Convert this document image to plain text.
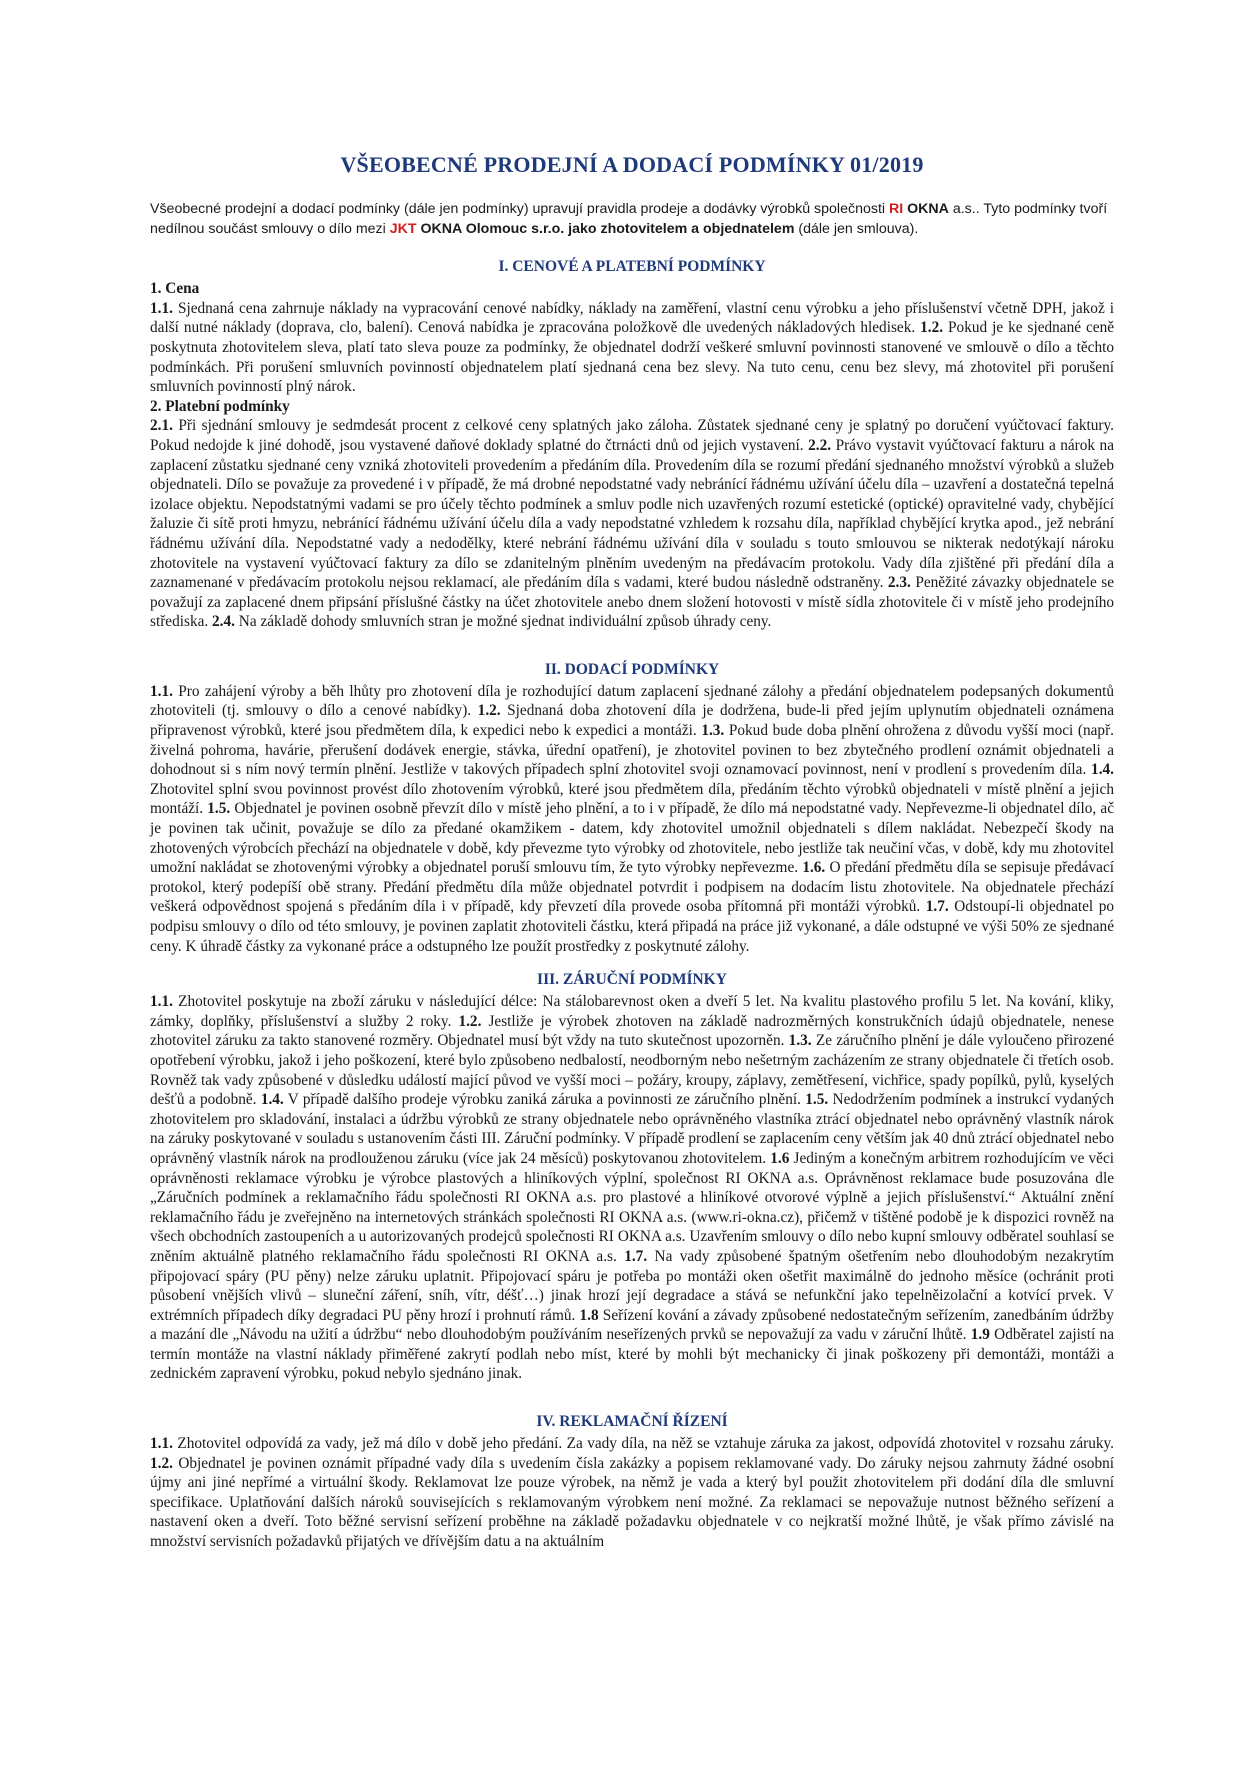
VŠEOBECNÉ PRODEJNÍ A DODACÍ PODMÍNKY 01/2019

Všeobecné prodejní a dodací podmínky (dále jen podmínky) upravují pravidla prodeje a dodávky výrobků společnosti RI OKNA a.s.. Tyto podmínky tvoří nedílnou součást smlouvy o dílo mezi JKT OKNA Olomouc s.r.o. jako zhotovitelem a objednatelem (dále jen smlouva).

I. CENOVÉ A PLATEBNÍ PODMÍNKY
1. Cena

1.1. Sjednaná cena zahrnuje náklady na vypracování cenové nabídky, náklady na zaměření, vlastní cenu výrobku a jeho příslušenství včetně DPH, jakož i další nutné náklady (doprava, clo, balení). Cenová nabídka je zpracována položkově dle uvedených nákladových hledisek. 1.2. Pokud je ke sjednané ceně poskytnuta zhotovitelem sleva, platí tato sleva pouze za podmínky, že objednatel dodrží veškeré smluvní povinnosti stanovené ve smlouvě o dílo a těchto podmínkách. Při porušení smluvních povinností objednatelem platí sjednaná cena bez slevy. Na tuto cenu, cenu bez slevy, má zhotovitel při porušení smluvních povinností plný nárok.

2. Platební podmínky

2.1. Při sjednání smlouvy je sedmdesát procent z celkové ceny splatných jako záloha. Zůstatek sjednané ceny je splatný po doručení vyúčtovací faktury. Pokud nedojde k jiné dohodě, jsou vystavené daňové doklady splatné do čtrnácti dnů od jejich vystavení. 2.2. Právo vystavit vyúčtovací fakturu a nárok na zaplacení zůstatku sjednané ceny vzniká zhotoviteli provedením a předáním díla. Provedením díla se rozumí předání sjednaného množství výrobků a služeb objednateli. Dílo se považuje za provedené i v případě, že má drobné nepodstatné vady nebránící řádnému užívání účelu díla – uzavření a dostatečná tepelná izolace objektu. Nepodstatnými vadami se pro účely těchto podmínek a smluv podle nich uzavřených rozumí estetické (optické) opravitelné vady, chybějící žaluzie či sítě proti hmyzu, nebránící řádnému užívání účelu díla a vady nepodstatné vzhledem k rozsahu díla, například chybějící krytka apod., jež nebrání řádnému užívání díla. Nepodstatné vady a nedodělky, které nebrání řádnému užívání díla v souladu s touto smlouvou se nikterak nedotýkají nároku zhotovitele na vystavení vyúčtovací faktury za dílo se zdanitelným plněním uvedeným na předávacím protokolu. Vady díla zjištěné při předání díla a zaznamenané v předávacím protokolu nejsou reklamací, ale předáním díla s vadami, které budou následně odstraněny. 2.3. Peněžité závazky objednatele se považují za zaplacené dnem připsání příslušné částky na účet zhotovitele anebo dnem složení hotovosti v místě sídla zhotovitele či v místě jeho prodejního střediska. 2.4. Na základě dohody smluvních stran je možné sjednat individuální způsob úhrady ceny.

II. DODACÍ PODMÍNKY

1.1. Pro zahájení výroby a běh lhůty pro zhotovení díla je rozhodující datum zaplacení sjednané zálohy a předání objednatelem podepsaných dokumentů zhotoviteli (tj. smlouvy o dílo a cenové nabídky). 1.2. Sjednaná doba zhotovení díla je dodržena, bude-li před jejím uplynutím objednateli oznámena připravenost výrobků, které jsou předmětem díla, k expedici nebo k expedici a montáži. 1.3. Pokud bude doba plnění ohrožena z důvodu vyšší moci (např. živelná pohroma, havárie, přerušení dodávek energie, stávka, úřední opatření), je zhotovitel povinen to bez zbytečného prodlení oznámit objednateli a dohodnout si s ním nový termín plnění. Jestliže v takových případech splní zhotovitel svoji oznamovací povinnost, není v prodlení s provedením díla. 1.4. Zhotovitel splní svou povinnost provést dílo zhotovením výrobků, které jsou předmětem díla, předáním těchto výrobků objednateli v místě plnění a jejich montáží. 1.5. Objednatel je povinen osobně převzít dílo v místě jeho plnění, a to i v případě, že dílo má nepodstatné vady. Nepřevezme-li objednatel dílo, ač je povinen tak učinit, považuje se dílo za předané okamžikem - datem, kdy zhotovitel umožnil objednateli s dílem nakládat. Nebezpečí škody na zhotovených výrobcích přechází na objednatele v době, kdy převezme tyto výrobky od zhotovitele, nebo jestliže tak neučiní včas, v době, kdy mu zhotovitel umožní nakládat se zhotovenými výrobky a objednatel poruší smlouvu tím, že tyto výrobky nepřevezme. 1.6. O předání předmětu díla se sepisuje předávací protokol, který podepíší obě strany. Předání předmětu díla může objednatel potvrdit i podpisem na dodacím listu zhotovitele. Na objednatele přechází veškerá odpovědnost spojená s předáním díla i v případě, kdy převzetí díla provede osoba přítomná při montáži výrobků. 1.7. Odstoupí-li objednatel po podpisu smlouvy o dílo od této smlouvy, je povinen zaplatit zhotoviteli částku, která připadá na práce již vykonané, a dále odstupné ve výši 50% ze sjednané ceny. K úhradě částky za vykonané práce a odstupného lze použít prostředky z poskytnuté zálohy.

III. ZÁRUČNÍ PODMÍNKY

1.1. Zhotovitel poskytuje na zboží záruku v následující délce: Na stálobarevnost oken a dveří 5 let. Na kvalitu plastového profilu 5 let. Na kování, kliky, zámky, doplňky, příslušenství a služby 2 roky. 1.2. Jestliže je výrobek zhotoven na základě nadrozměrných konstrukčních údajů objednatele, nenese zhotovitel záruku za takto stanovené rozměry. Objednatel musí být vždy na tuto skutečnost upozorněn. 1.3. Ze záručního plnění je dále vyloučeno přirozené opotřebení výrobku, jakož i jeho poškození, které bylo způsobeno nedbalostí, neodborným nebo nešetrným zacházením ze strany objednatele či třetích osob. Rovněž tak vady způsobené v důsledku událostí mající původ ve vyšší moci – požáry, kroupy, záplavy, zemětřesení, vichřice, spady popílků, pylů, kyselých dešťů a podobně. 1.4. V případě dalšího prodeje výrobku zaniká záruka a povinnosti ze záručního plnění. 1.5. Nedodržením podmínek a instrukcí vydaných zhotovitelem pro skladování, instalaci a údržbu výrobků ze strany objednatele nebo oprávněného vlastníka ztrácí objednatel nebo oprávněný vlastník nárok na záruky poskytované v souladu s ustanovením části III. Záruční podmínky. V případě prodlení se zaplacením ceny větším jak 40 dnů ztrácí objednatel nebo oprávněný vlastník nárok na prodlouženou záruku (více jak 24 měsíců) poskytovanou zhotovitelem. 1.6 Jediným a konečným arbitrem rozhodujícím ve věci oprávněnosti reklamace výrobku je výrobce plastových a hliníkových výplní, společnost RI OKNA a.s. Oprávněnost reklamace bude posuzována dle „Záručních podmínek a reklamačního řádu společnosti RI OKNA a.s. pro plastové a hliníkové otvorové výplně a jejich příslušenství.“ Aktuální znění reklamačního řádu je zveřejněno na internetových stránkách společnosti RI OKNA a.s. (www.ri-okna.cz), přičemž v tištěné podobě je k dispozici rovněž na všech obchodních zastoupeních a u autorizovaných prodejců společnosti RI OKNA a.s. Uzavřením smlouvy o dílo nebo kupní smlouvy odběratel souhlasí se zněním aktuálně platného reklamačního řádu společnosti RI OKNA a.s. 1.7. Na vady způsobené špatným ošetřením nebo dlouhodobým nezakrytím připojovací spáry (PU pěny) nelze záruku uplatnit. Připojovací spáru je potřeba po montáži oken ošetřit maximálně do jednoho měsíce (ochránit proti působení vnějších vlivů – sluneční záření, sníh, vítr, déšť…) jinak hrozí její degradace a stává se nefunkční jako tepelněizolační a kotvící prvek. V extrémních případech díky degradaci PU pěny hrozí i prohnutí rámů. 1.8 Seřízení kování a závady způsobené nedostatečným seřízením, zanedbáním údržby a mazání dle „Návodu na užití a údržbu“ nebo dlouhodobým používáním neseřízených prvků se nepovažují za vadu v záruční lhůtě. 1.9 Odběratel zajistí na termín montáže na vlastní náklady přiměřené zakrytí podlah nebo míst, které by mohli být mechanicky či jinak poškozeny při demontáži, montáži a zednickém zapravení výrobku, pokud nebylo sjednáno jinak.

IV. REKLAMAČNÍ ŘÍZENÍ

1.1. Zhotovitel odpovídá za vady, jež má dílo v době jeho předání. Za vady díla, na něž se vztahuje záruka za jakost, odpovídá zhotovitel v rozsahu záruky. 1.2. Objednatel je povinen oznámit případné vady díla s uvedením čísla zakázky a popisem reklamované vady. Do záruky nejsou zahrnuty žádné osobní újmy ani jiné nepřímé a virtuální škody. Reklamovat lze pouze výrobek, na němž je vada a který byl použit zhotovitelem při dodání díla dle smluvní specifikace. Uplatňování dalších nároků souvisejících s reklamovaným výrobkem není možné. Za reklamaci se nepovažuje nutnost běžného seřízení a nastavení oken a dveří. Toto běžné servisní seřízení proběhne na základě požadavku objednatele v co nejkratší možné lhůtě, je však přímo závislé na množství servisních požadavků přijatých ve dřívějším datu a na aktuálním
